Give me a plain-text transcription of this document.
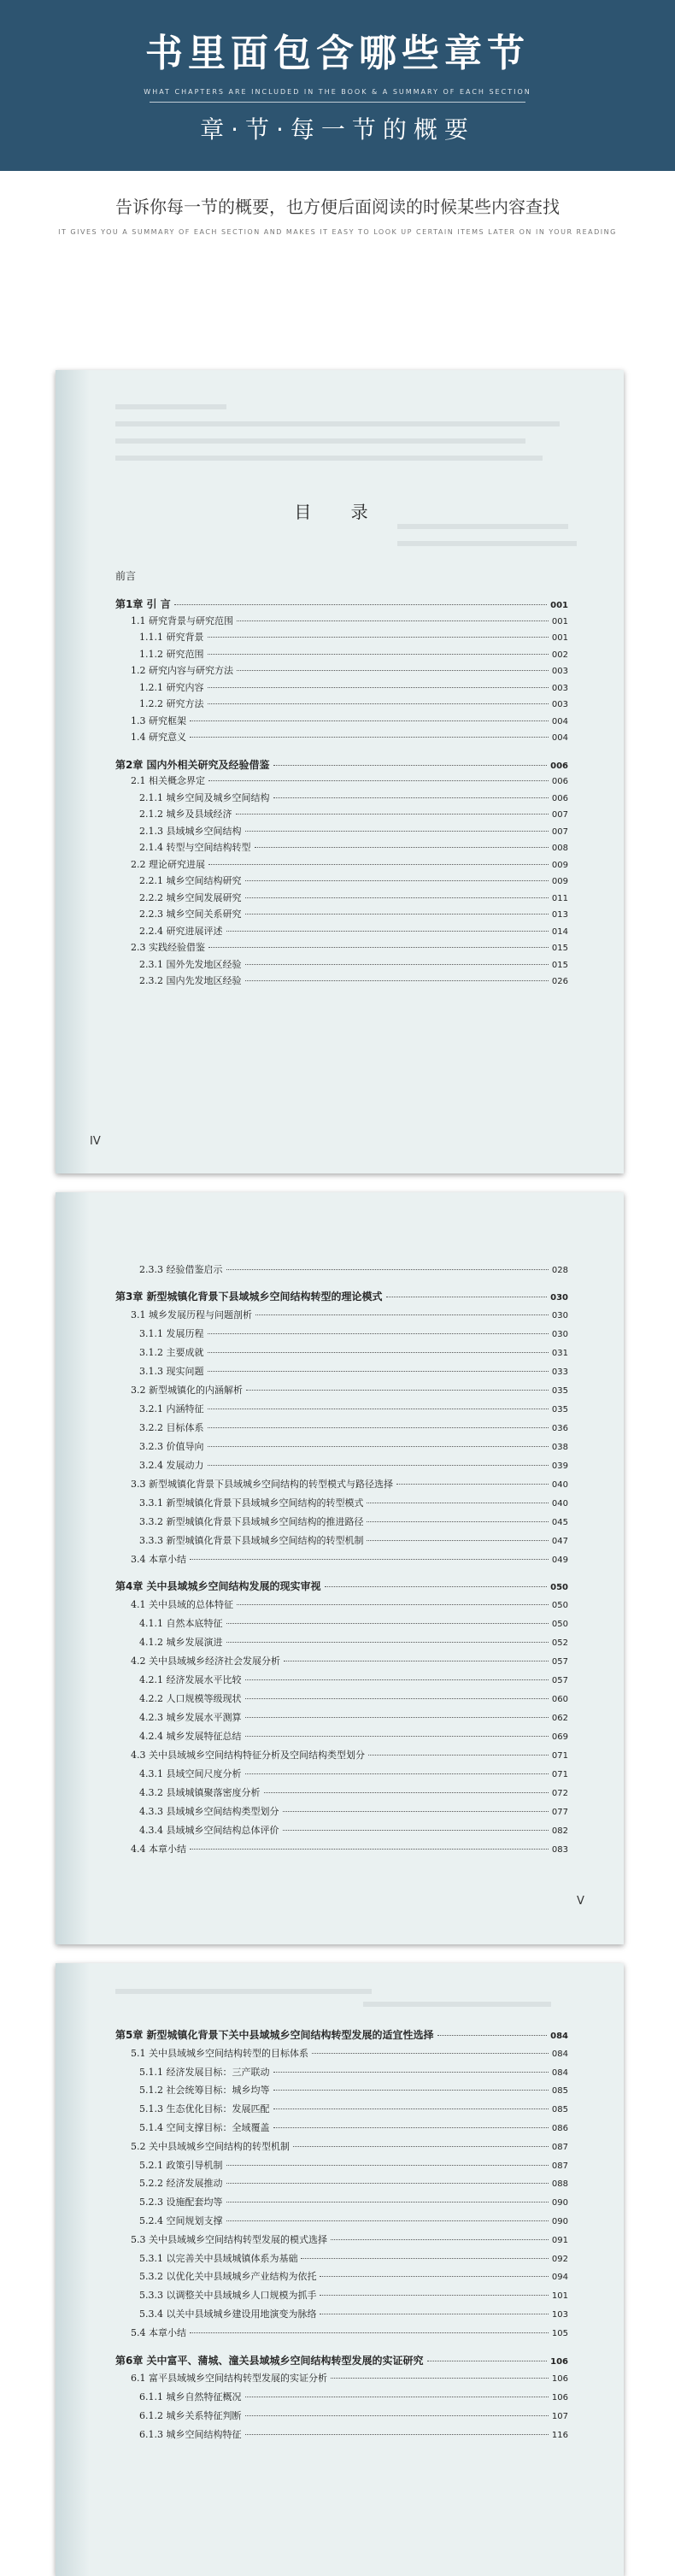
书里面包含哪些章节
WHAT CHAPTERS ARE INCLUDED IN THE BOOK & A SUMMARY OF EACH SECTION
章·节·每一节的概要
告诉你每一节的概要，也方便后面阅读的时候某些内容查找
IT GIVES YOU A SUMMARY OF EACH SECTION AND MAKES IT EASY TO LOOK UP CERTAIN ITEMS LATER ON IN YOUR READING
目 录
前言
第1章 引 言	001
1.1 研究背景与研究范围	001
1.1.1 研究背景	001
1.1.2 研究范围	002
1.2 研究内容与研究方法	003
1.2.1 研究内容	003
1.2.2 研究方法	003
1.3 研究框架	004
1.4 研究意义	004
第2章 国内外相关研究及经验借鉴	006
2.1 相关概念界定	006
2.1.1 城乡空间及城乡空间结构	006
2.1.2 城乡及县域经济	007
2.1.3 县域城乡空间结构	007
2.1.4 转型与空间结构转型	008
2.2 理论研究进展	009
2.2.1 城乡空间结构研究	009
2.2.2 城乡空间发展研究	011
2.2.3 城乡空间关系研究	013
2.2.4 研究进展评述	014
2.3 实践经验借鉴	015
2.3.1 国外先发地区经验	015
2.3.2 国内先发地区经验	026
IV
2.3.3 经验借鉴启示	028
第3章 新型城镇化背景下县域城乡空间结构转型的理论模式	030
3.1 城乡发展历程与问题剖析	030
3.1.1 发展历程	030
3.1.2 主要成就	031
3.1.3 现实问题	033
3.2 新型城镇化的内涵解析	035
3.2.1 内涵特征	035
3.2.2 目标体系	036
3.2.3 价值导向	038
3.2.4 发展动力	039
3.3 新型城镇化背景下县域城乡空间结构的转型模式与路径选择	040
3.3.1 新型城镇化背景下县域城乡空间结构的转型模式	040
3.3.2 新型城镇化背景下县域城乡空间结构的推进路径	045
3.3.3 新型城镇化背景下县域城乡空间结构的转型机制	047
3.4 本章小结	049
第4章 关中县域城乡空间结构发展的现实审视	050
4.1 关中县域的总体特征	050
4.1.1 自然本底特征	050
4.1.2 城乡发展演进	052
4.2 关中县域城乡经济社会发展分析	057
4.2.1 经济发展水平比较	057
4.2.2 人口规模等级现状	060
4.2.3 城乡发展水平测算	062
4.2.4 城乡发展特征总结	069
4.3 关中县域城乡空间结构特征分析及空间结构类型划分	071
4.3.1 县域空间尺度分析	071
4.3.2 县域城镇聚落密度分析	072
4.3.3 县域城乡空间结构类型划分	077
4.3.4 县域城乡空间结构总体评价	082
4.4 本章小结	083
V
第5章 新型城镇化背景下关中县域城乡空间结构转型发展的适宜性选择	084
5.1 关中县域城乡空间结构转型的目标体系	084
5.1.1 经济发展目标：三产联动	084
5.1.2 社会统筹目标：城乡均等	085
5.1.3 生态优化目标：发展匹配	085
5.1.4 空间支撑目标：全域覆盖	086
5.2 关中县域城乡空间结构的转型机制	087
5.2.1 政策引导机制	087
5.2.2 经济发展推动	088
5.2.3 设施配套均等	090
5.2.4 空间规划支撑	090
5.3 关中县域城乡空间结构转型发展的模式选择	091
5.3.1 以完善关中县域城镇体系为基础	092
5.3.2 以优化关中县域城乡产业结构为依托	094
5.3.3 以调整关中县域城乡人口规模为抓手	101
5.3.4 以关中县域城乡建设用地演变为脉络	103
5.4 本章小结	105
第6章 关中富平、蒲城、潼关县域城乡空间结构转型发展的实证研究	106
6.1 富平县域城乡空间结构转型发展的实证分析	106
6.1.1 城乡自然特征概况	106
6.1.2 城乡关系特征判断	107
6.1.3 城乡空间结构特征	116
